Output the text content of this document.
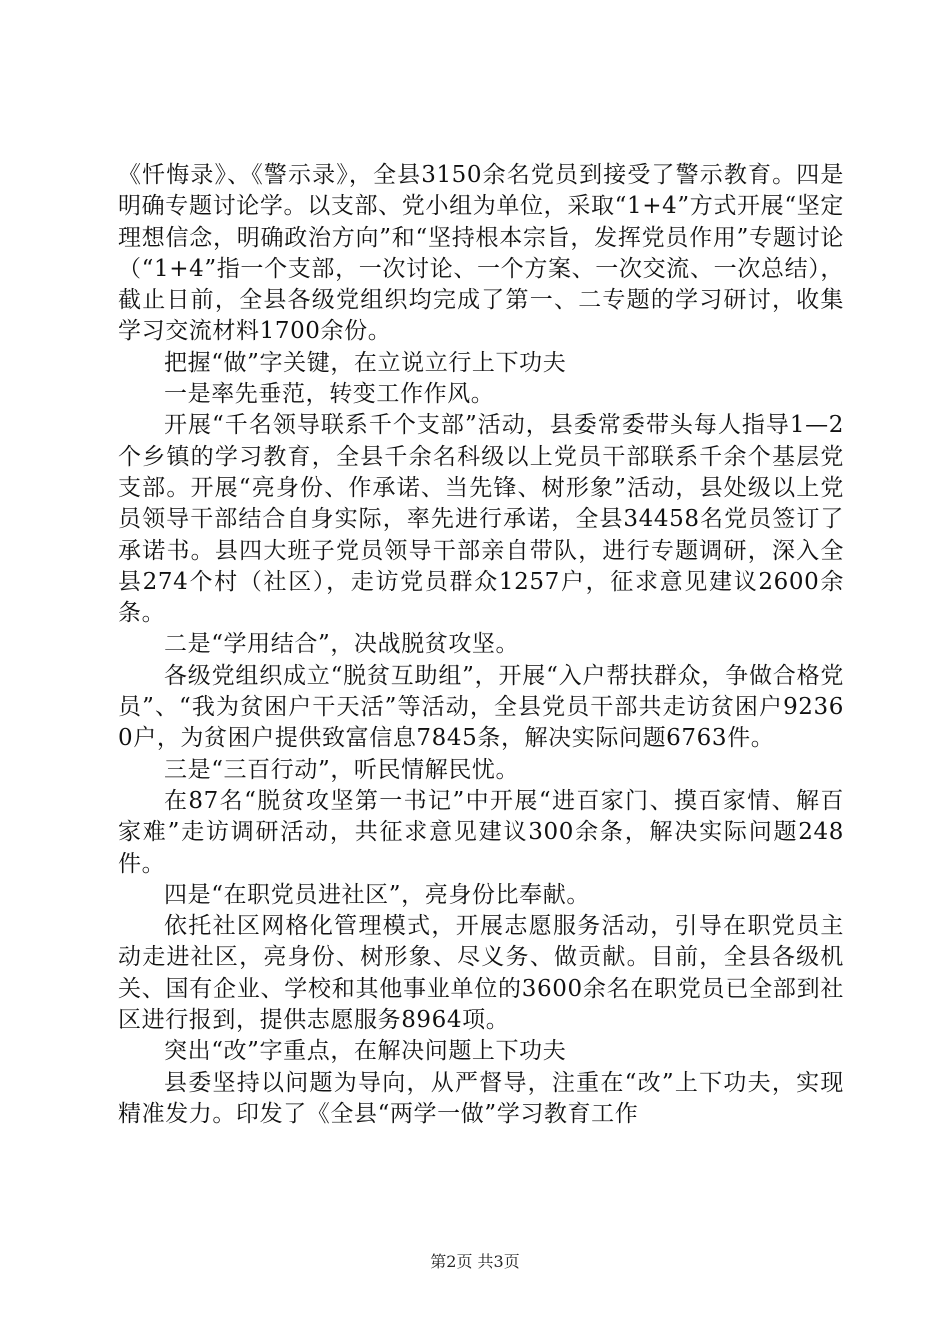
《忏悔录》、《警示录》，全县3150余名党员到接受了警示教育。四是明确专题讨论学。以支部、党小组为单位，采取“1+4”方式开展“坚定理想信念，明确政治方向”和“坚持根本宗旨，发挥党员作用”专题讨论（“1+4”指一个支部，一次讨论、一个方案、一次交流、一次总结），截止日前，全县各级党组织均完成了第一、二专题的学习研讨，收集学习交流材料1700余份。

把握“做”字关键，在立说立行上下功夫

一是率先垂范，转变工作作风。

开展“千名领导联系千个支部”活动，县委常委带头每人指导1—2个乡镇的学习教育，全县千余名科级以上党员干部联系千余个基层党支部。开展“亮身份、作承诺、当先锋、树形象”活动，县处级以上党员领导干部结合自身实际，率先进行承诺，全县34458名党员签订了承诺书。县四大班子党员领导干部亲自带队，进行专题调研，深入全县274个村（社区），走访党员群众1257户，征求意见建议2600余条。

二是“学用结合”，决战脱贫攻坚。

各级党组织成立“脱贫互助组”，开展“入户帮扶群众，争做合格党员”、“我为贫困户干天活”等活动，全县党员干部共走访贫困户92360户，为贫困户提供致富信息7845条，解决实际问题6763件。

三是“三百行动”，听民情解民忧。

在87名“脱贫攻坚第一书记”中开展“进百家门、摸百家情、解百家难”走访调研活动，共征求意见建议300余条，解决实际问题248件。

四是“在职党员进社区”，亮身份比奉献。

依托社区网格化管理模式，开展志愿服务活动，引导在职党员主动走进社区，亮身份、树形象、尽义务、做贡献。目前，全县各级机关、国有企业、学校和其他事业单位的3600余名在职党员已全部到社区进行报到，提供志愿服务8964项。

突出“改”字重点，在解决问题上下功夫

县委坚持以问题为导向，从严督导，注重在“改”上下功夫，实现精准发力。印发了《全县“两学一做”学习教育工作

第2页 共3页
